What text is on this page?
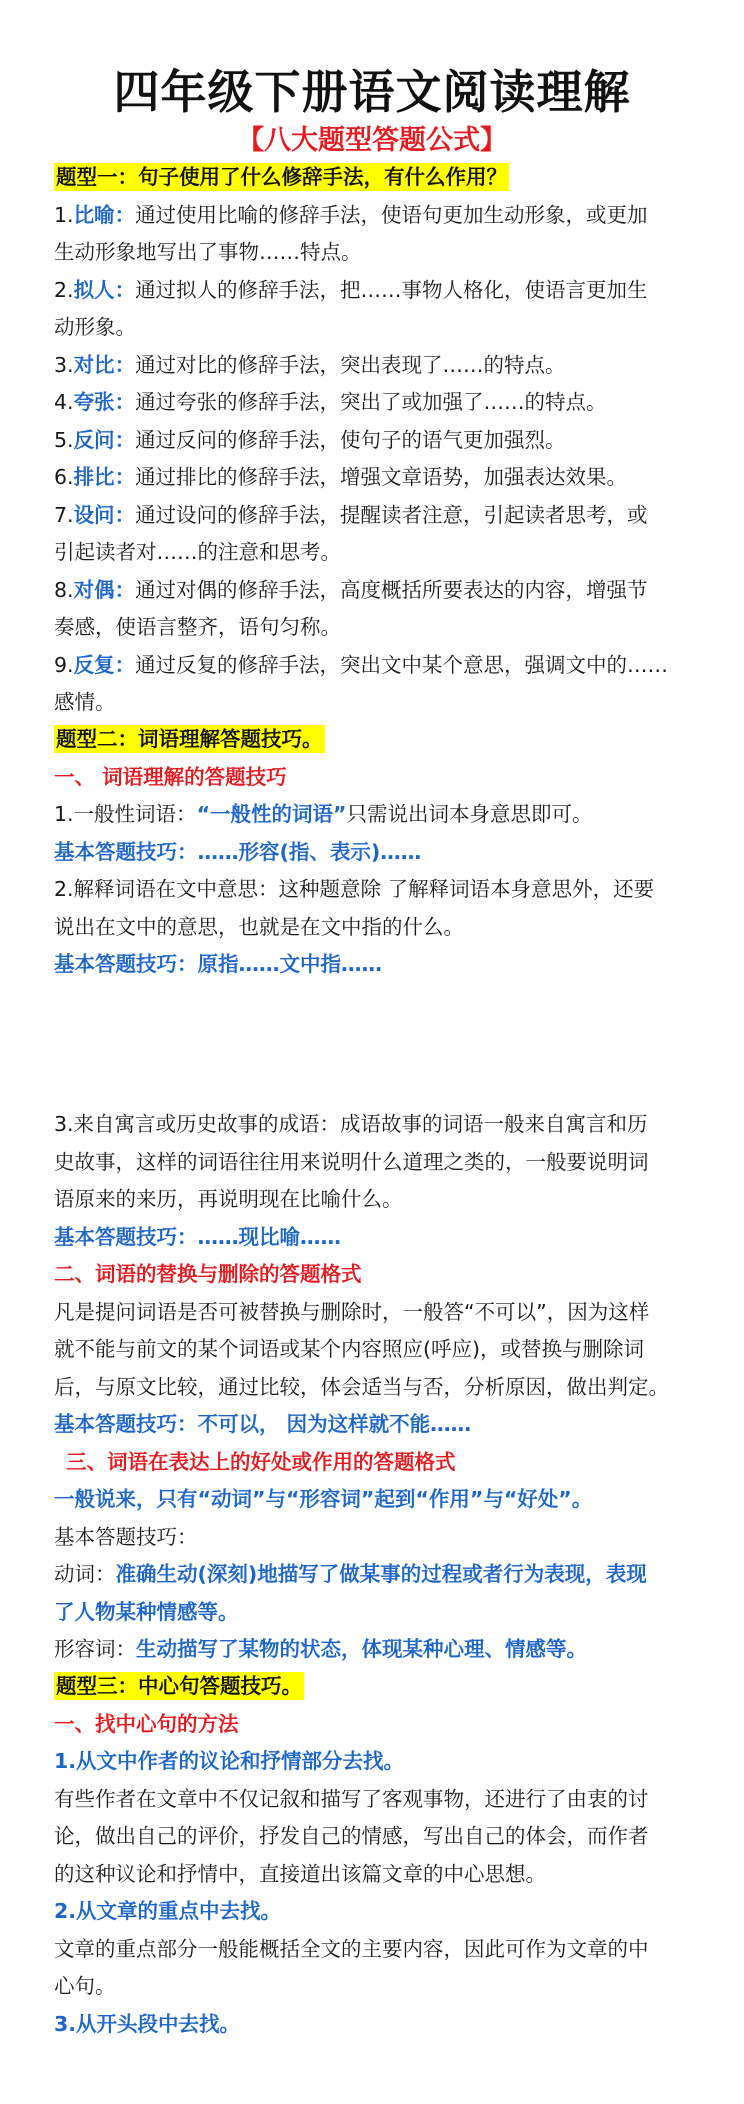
四年级下册语文阅读理解
【八大题型答题公式】
题型一：句子使用了什么修辞手法，有什么作用？
1.比喻：通过使用比喻的修辞手法，使语句更加生动形象，或更加
生动形象地写出了事物……特点。
2.拟人：通过拟人的修辞手法，把……事物人格化，使语言更加生
动形象。
3.对比：通过对比的修辞手法，突出表现了……的特点。
4.夸张：通过夸张的修辞手法，突出了或加强了……的特点。
5.反问：通过反问的修辞手法，使句子的语气更加强烈。
6.排比：通过排比的修辞手法，增强文章语势，加强表达效果。
7.设问：通过设问的修辞手法，提醒读者注意，引起读者思考，或
引起读者对……的注意和思考。
8.对偶：通过对偶的修辞手法，高度概括所要表达的内容，增强节
奏感，使语言整齐，语句匀称。
9.反复：通过反复的修辞手法，突出文中某个意思，强调文中的……
感情。
题型二：词语理解答题技巧。
一、 词语理解的答题技巧
1.一般性词语：“一般性的词语”只需说出词本身意思即可。
基本答题技巧：……形容(指、表示)……
2.解释词语在文中意思：这种题意除 了解释词语本身意思外，还要
说出在文中的意思，也就是在文中指的什么。
基本答题技巧：原指……文中指……
3.来自寓言或历史故事的成语：成语故事的词语一般来自寓言和历
史故事，这样的词语往往用来说明什么道理之类的，一般要说明词
语原来的来历，再说明现在比喻什么。
基本答题技巧：……现比喻……
二、词语的替换与删除的答题格式
凡是提问词语是否可被替换与删除时，一般答“不可以”，因为这样
就不能与前文的某个词语或某个内容照应(呼应)，或替换与删除词
后，与原文比较，通过比较，体会适当与否，分析原因，做出判定。
基本答题技巧：不可以， 因为这样就不能……
三、词语在表达上的好处或作用的答题格式
一般说来，只有“动词”与“形容词”起到“作用”与“好处”。
基本答题技巧：
动词：准确生动(深刻)地描写了做某事的过程或者行为表现，表现
了人物某种情感等。
形容词：生动描写了某物的状态，体现某种心理、情感等。
题型三：中心句答题技巧。
一、找中心句的方法
1.从文中作者的议论和抒情部分去找。
有些作者在文章中不仅记叙和描写了客观事物，还进行了由衷的讨
论，做出自己的评价，抒发自己的情感，写出自己的体会，而作者
的这种议论和抒情中，直接道出该篇文章的中心思想。
2.从文章的重点中去找。
文章的重点部分一般能概括全文的主要内容，因此可作为文章的中
心句。
3.从开头段中去找。
